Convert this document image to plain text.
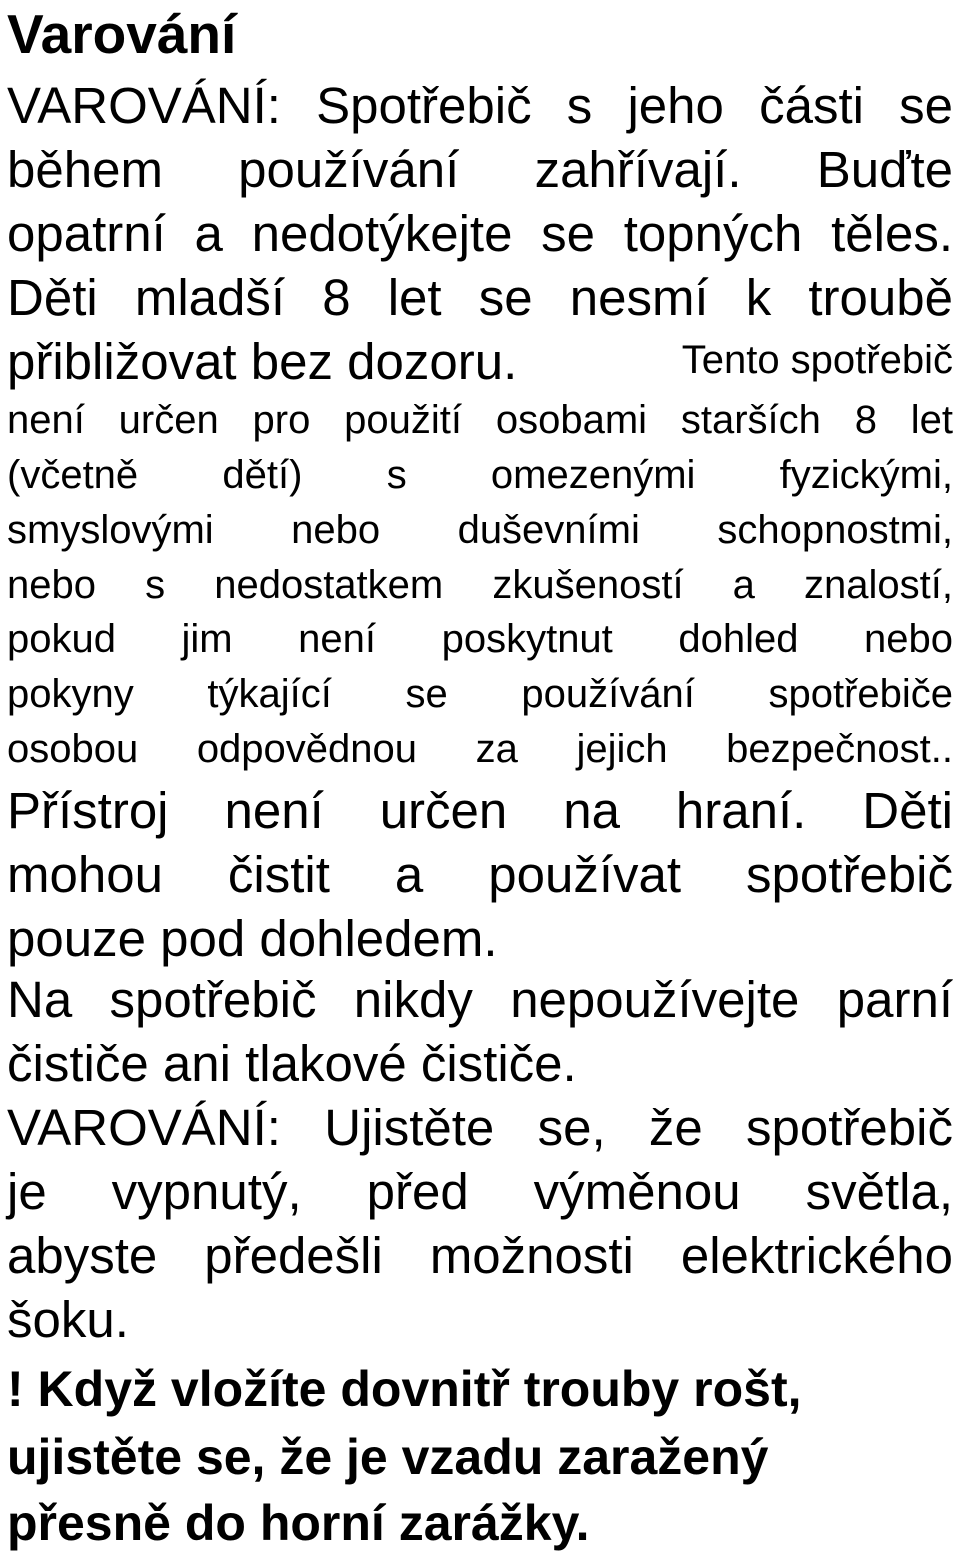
Varování
VAROVÁNÍ: Spotřebič s jeho části se
během používání zahřívají. Buďte
opatrní a nedotýkejte se topných těles.
Děti mladší 8 let se nesmí k troubě
přibližovat bez dozoru.	Tento spotřebič
není určen pro použití osobami starších 8 let
(včetně dětí) s omezenými fyzickými,
smyslovými nebo duševními schopnostmi,
nebo s nedostatkem zkušeností a znalostí,
pokud jim není poskytnut dohled nebo
pokyny týkající se používání spotřebiče
osobou odpovědnou za jejich bezpečnost..
Přístroj není určen na hraní. Děti
mohou čistit a používat spotřebič
pouze pod dohledem.
Na spotřebič nikdy nepoužívejte parní
čističe ani tlakové čističe.
VAROVÁNÍ: Ujistěte se, že spotřebič
je vypnutý, před výměnou světla,
abyste předešli možnosti elektrického
šoku.
! Když vložíte dovnitř trouby rošt,
ujistěte se, že je vzadu zaražený
přesně do horní zarážky.
